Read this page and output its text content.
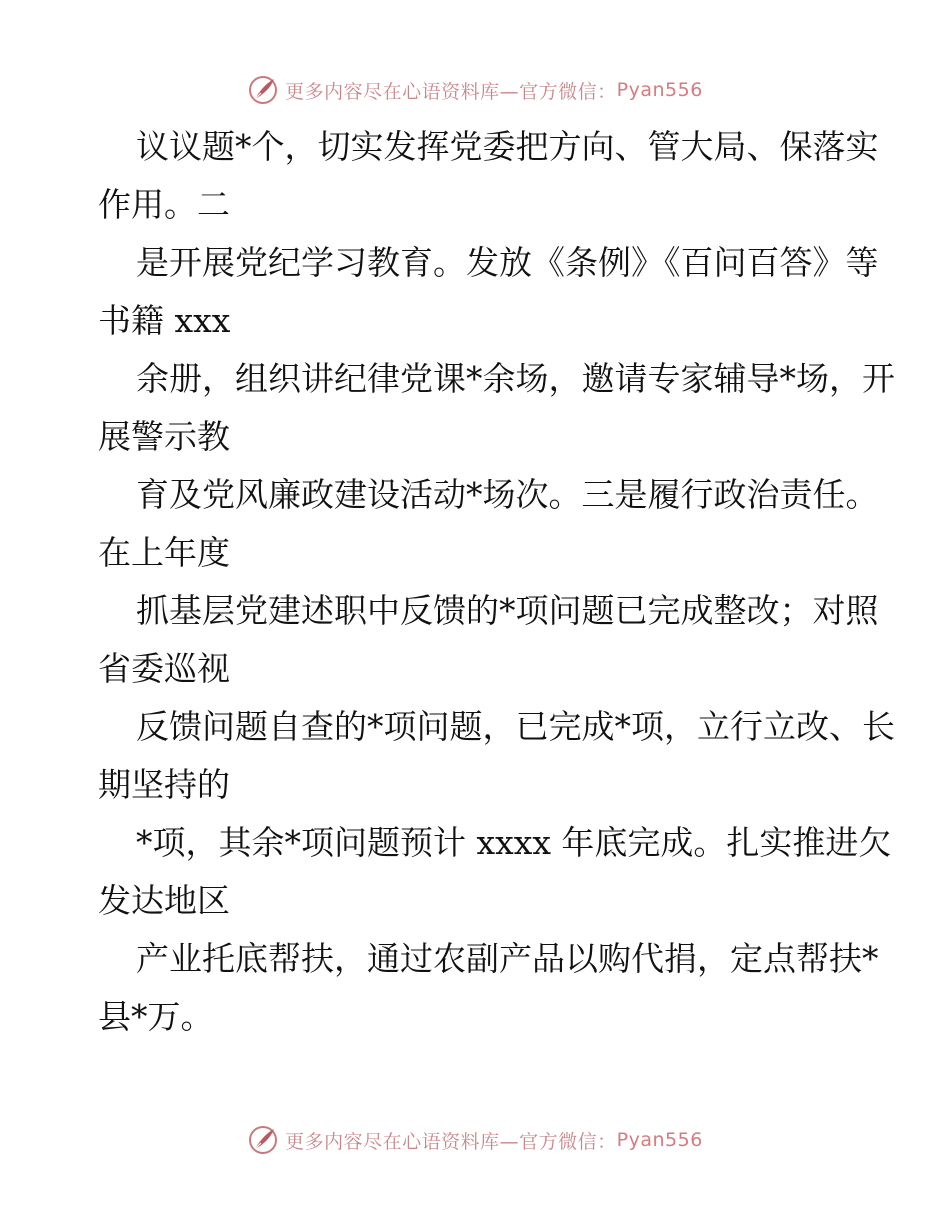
更多内容尽在心语资料库—官方微信： Pyan556

议议题*个，切实发挥党委把方向、管大局、保落实作用。二

是开展党纪学习教育。发放《条例》《百问百答》等书籍 xxx

余册，组织讲纪律党课*余场，邀请专家辅导*场，开展警示教

育及党风廉政建设活动*场次。三是履行政治责任。在上年度

抓基层党建述职中反馈的*项问题已完成整改；对照省委巡视

反馈问题自查的*项问题，已完成*项，立行立改、长期坚持的

*项，其余*项问题预计 xxxx 年底完成。扎实推进欠发达地区

产业托底帮扶，通过农副产品以购代捐，定点帮扶*县*万。

更多内容尽在心语资料库—官方微信： Pyan556
